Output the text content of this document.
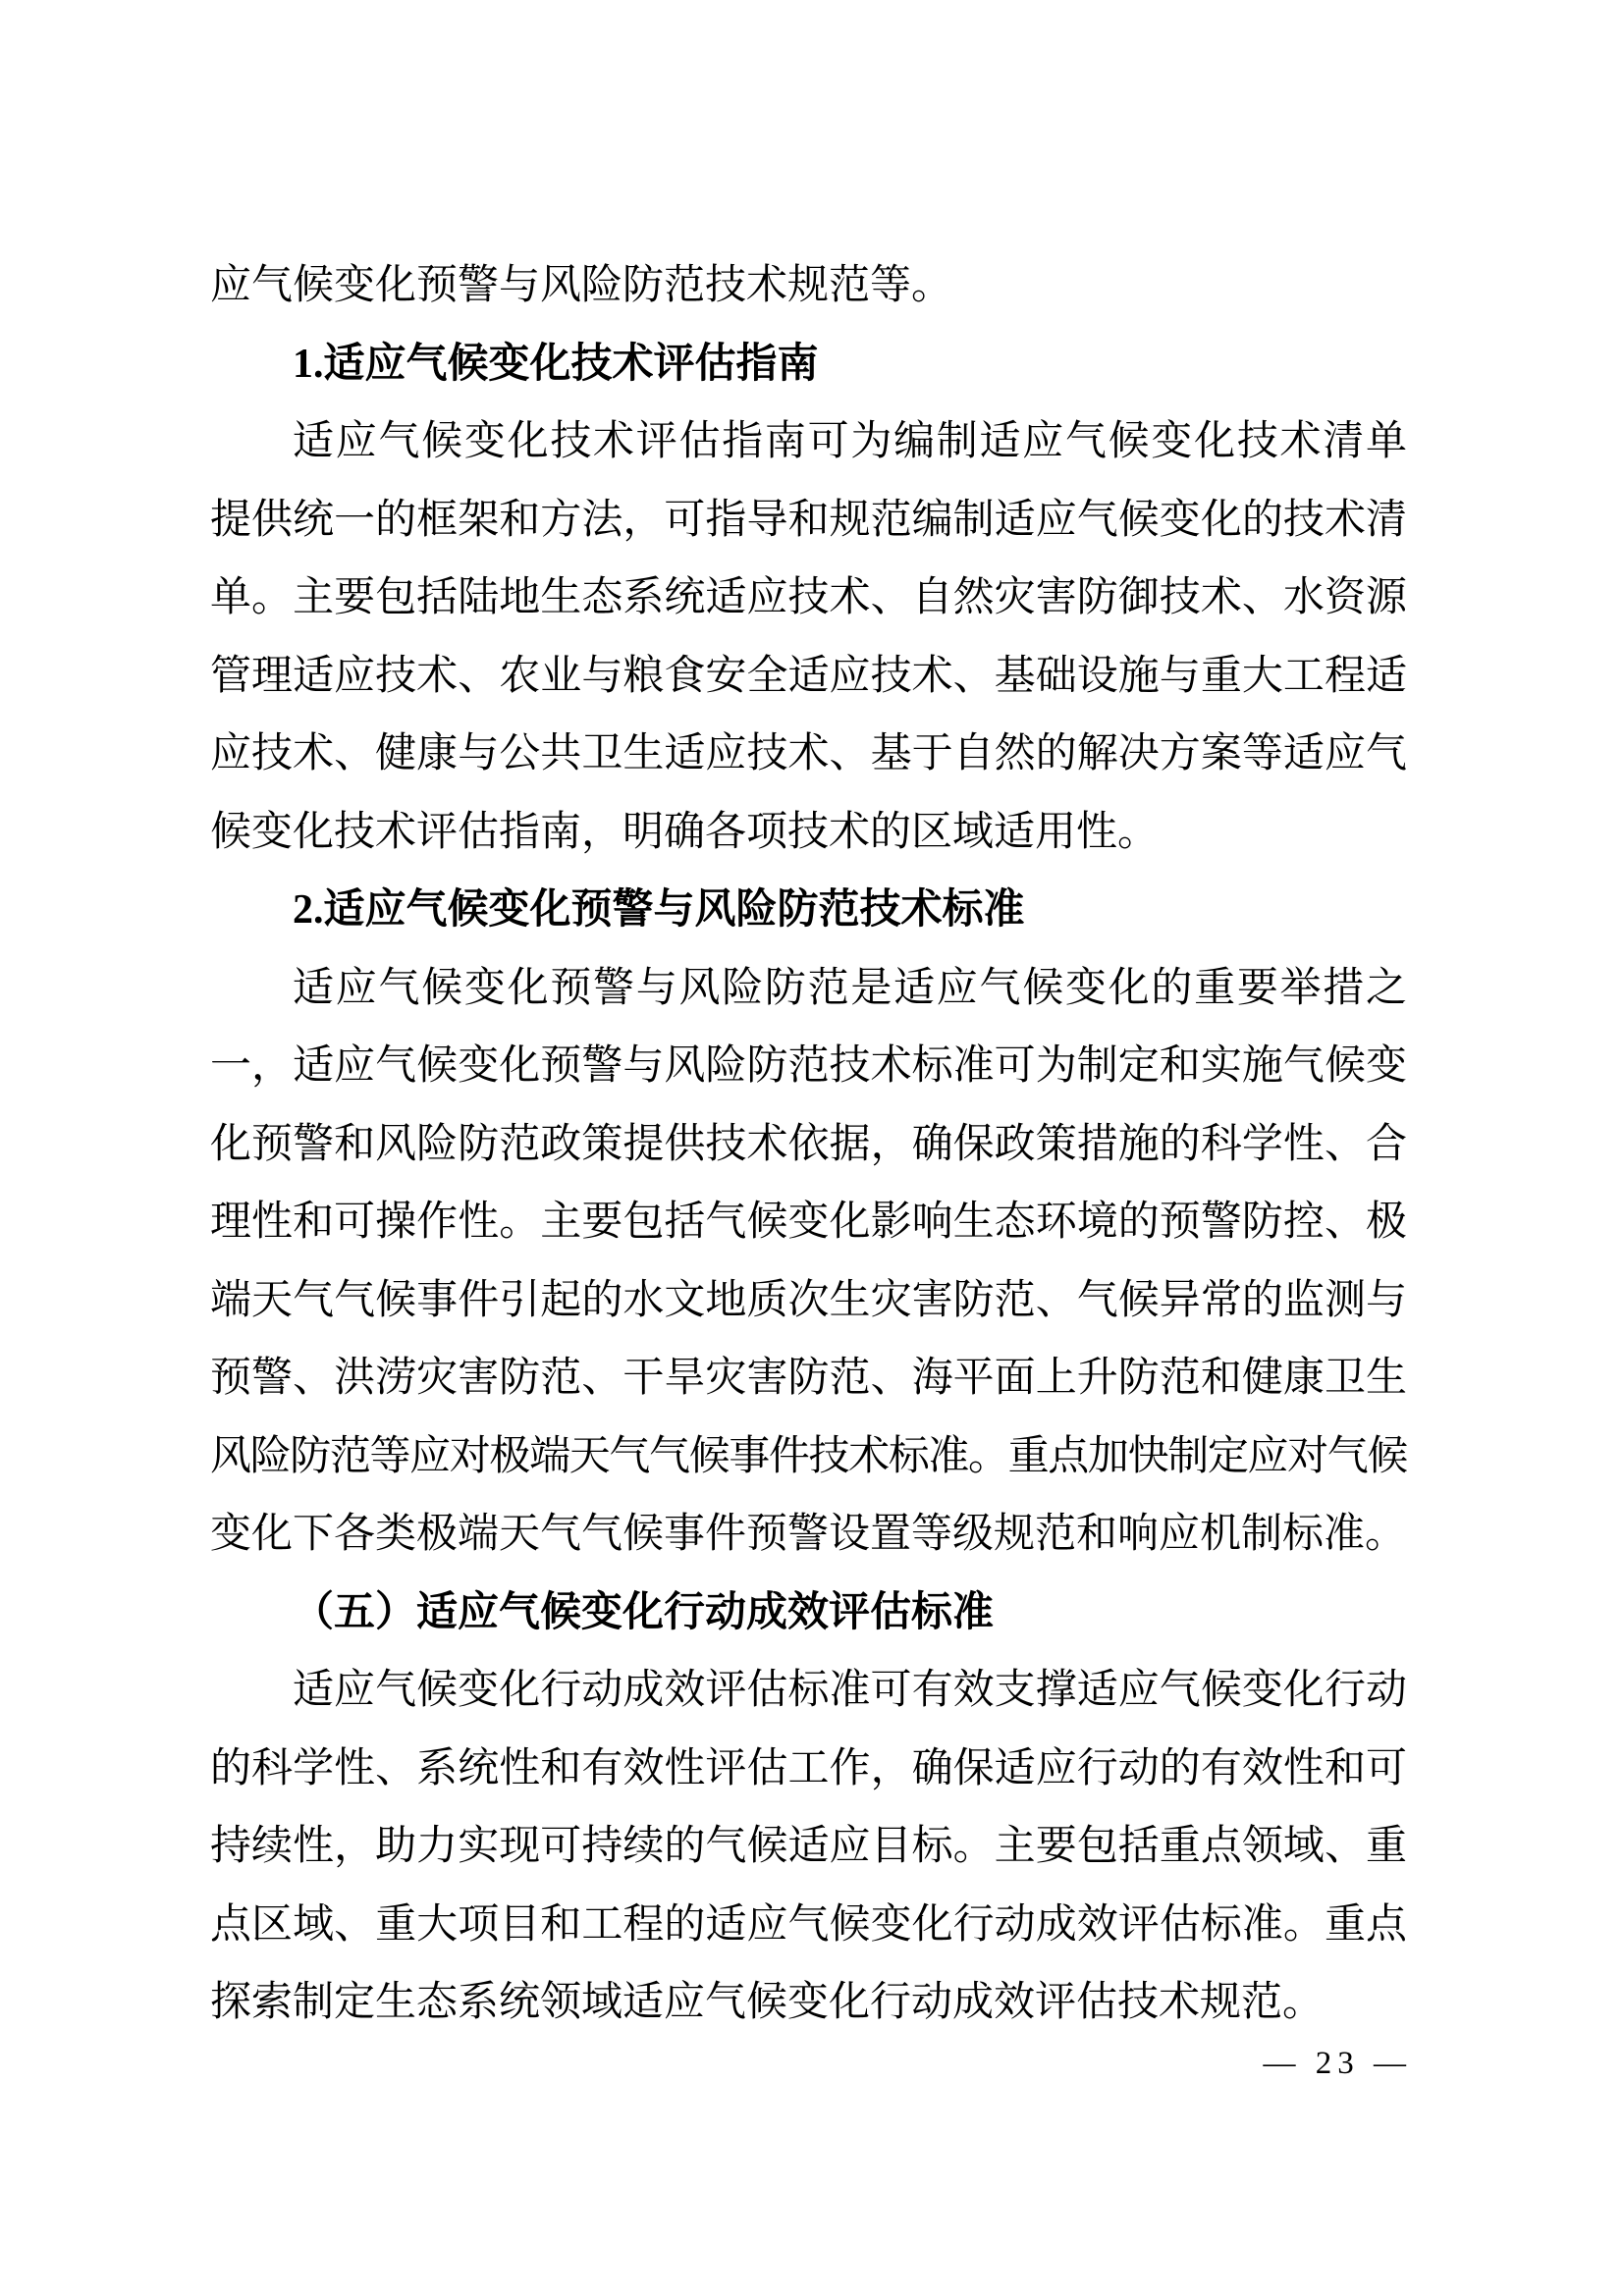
应气候变化预警与风险防范技术规范等。
1.适应气候变化技术评估指南
适应气候变化技术评估指南可为编制适应气候变化技术清单
提供统一的框架和方法，可指导和规范编制适应气候变化的技术清
单。主要包括陆地生态系统适应技术、自然灾害防御技术、水资源
管理适应技术、农业与粮食安全适应技术、基础设施与重大工程适
应技术、健康与公共卫生适应技术、基于自然的解决方案等适应气
候变化技术评估指南，明确各项技术的区域适用性。
2.适应气候变化预警与风险防范技术标准
适应气候变化预警与风险防范是适应气候变化的重要举措之
一，适应气候变化预警与风险防范技术标准可为制定和实施气候变
化预警和风险防范政策提供技术依据，确保政策措施的科学性、合
理性和可操作性。主要包括气候变化影响生态环境的预警防控、极
端天气气候事件引起的水文地质次生灾害防范、气候异常的监测与
预警、洪涝灾害防范、干旱灾害防范、海平面上升防范和健康卫生
风险防范等应对极端天气气候事件技术标准。重点加快制定应对气候
变化下各类极端天气气候事件预警设置等级规范和响应机制标准。
（五）适应气候变化行动成效评估标准
适应气候变化行动成效评估标准可有效支撑适应气候变化行动
的科学性、系统性和有效性评估工作，确保适应行动的有效性和可
持续性，助力实现可持续的气候适应目标。主要包括重点领域、重
点区域、重大项目和工程的适应气候变化行动成效评估标准。重点
探索制定生态系统领域适应气候变化行动成效评估技术规范。
— 23 —
